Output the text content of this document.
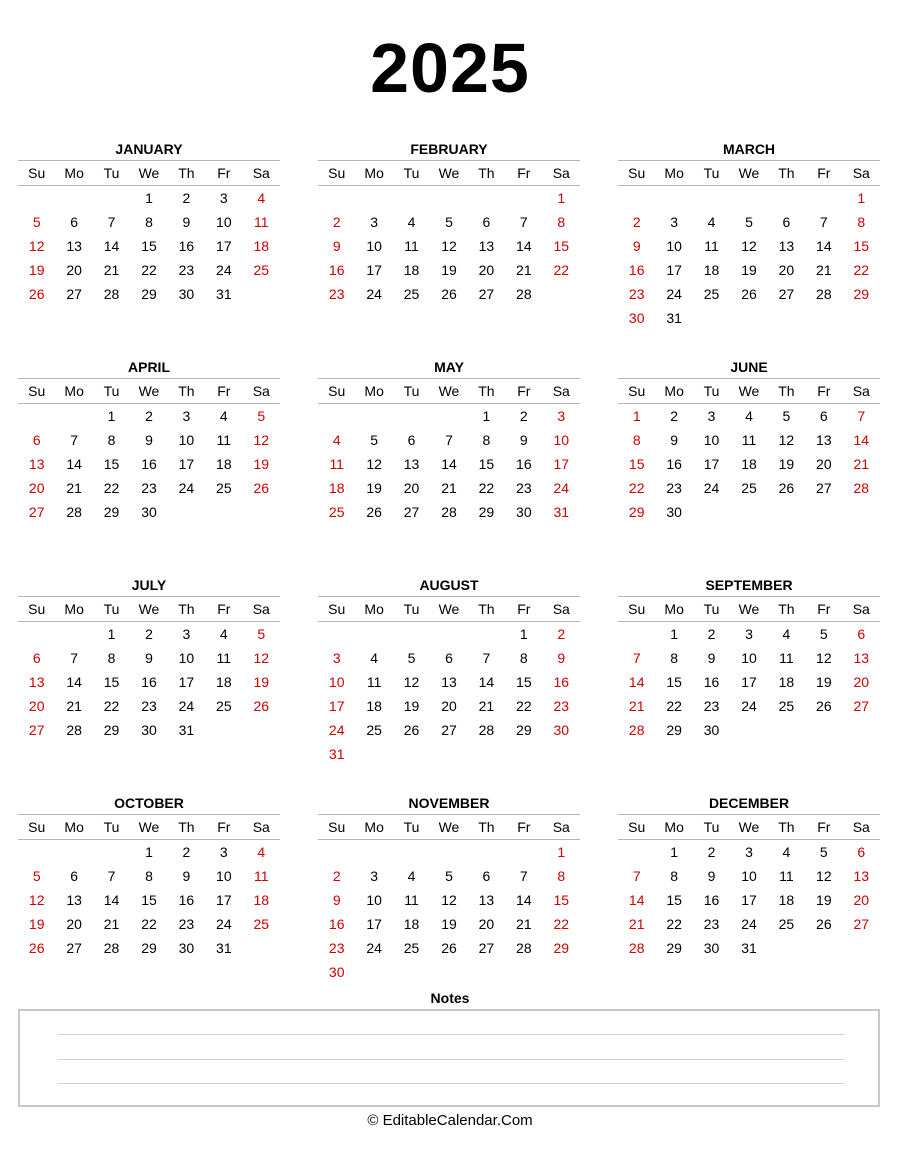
2025
JANUARY
Su	Mo	Tu	We	Th	Fr	Sa
			1	2	3	4
5	6	7	8	9	10	11
12	13	14	15	16	17	18
19	20	21	22	23	24	25
26	27	28	29	30	31	
FEBRUARY
Su	Mo	Tu	We	Th	Fr	Sa
						1
2	3	4	5	6	7	8
9	10	11	12	13	14	15
16	17	18	19	20	21	22
23	24	25	26	27	28	
MARCH
Su	Mo	Tu	We	Th	Fr	Sa
						1
2	3	4	5	6	7	8
9	10	11	12	13	14	15
16	17	18	19	20	21	22
23	24	25	26	27	28	29
30	31					
APRIL
Su	Mo	Tu	We	Th	Fr	Sa
		1	2	3	4	5
6	7	8	9	10	11	12
13	14	15	16	17	18	19
20	21	22	23	24	25	26
27	28	29	30			
MAY
Su	Mo	Tu	We	Th	Fr	Sa
				1	2	3
4	5	6	7	8	9	10
11	12	13	14	15	16	17
18	19	20	21	22	23	24
25	26	27	28	29	30	31
JUNE
Su	Mo	Tu	We	Th	Fr	Sa
1	2	3	4	5	6	7
8	9	10	11	12	13	14
15	16	17	18	19	20	21
22	23	24	25	26	27	28
29	30					
JULY
Su	Mo	Tu	We	Th	Fr	Sa
		1	2	3	4	5
6	7	8	9	10	11	12
13	14	15	16	17	18	19
20	21	22	23	24	25	26
27	28	29	30	31		
AUGUST
Su	Mo	Tu	We	Th	Fr	Sa
					1	2
3	4	5	6	7	8	9
10	11	12	13	14	15	16
17	18	19	20	21	22	23
24	25	26	27	28	29	30
31						
SEPTEMBER
Su	Mo	Tu	We	Th	Fr	Sa
	1	2	3	4	5	6
7	8	9	10	11	12	13
14	15	16	17	18	19	20
21	22	23	24	25	26	27
28	29	30				
OCTOBER
Su	Mo	Tu	We	Th	Fr	Sa
			1	2	3	4
5	6	7	8	9	10	11
12	13	14	15	16	17	18
19	20	21	22	23	24	25
26	27	28	29	30	31	
NOVEMBER
Su	Mo	Tu	We	Th	Fr	Sa
						1
2	3	4	5	6	7	8
9	10	11	12	13	14	15
16	17	18	19	20	21	22
23	24	25	26	27	28	29
30						
DECEMBER
Su	Mo	Tu	We	Th	Fr	Sa
	1	2	3	4	5	6
7	8	9	10	11	12	13
14	15	16	17	18	19	20
21	22	23	24	25	26	27
28	29	30	31			
Notes
© EditableCalendar.Com
